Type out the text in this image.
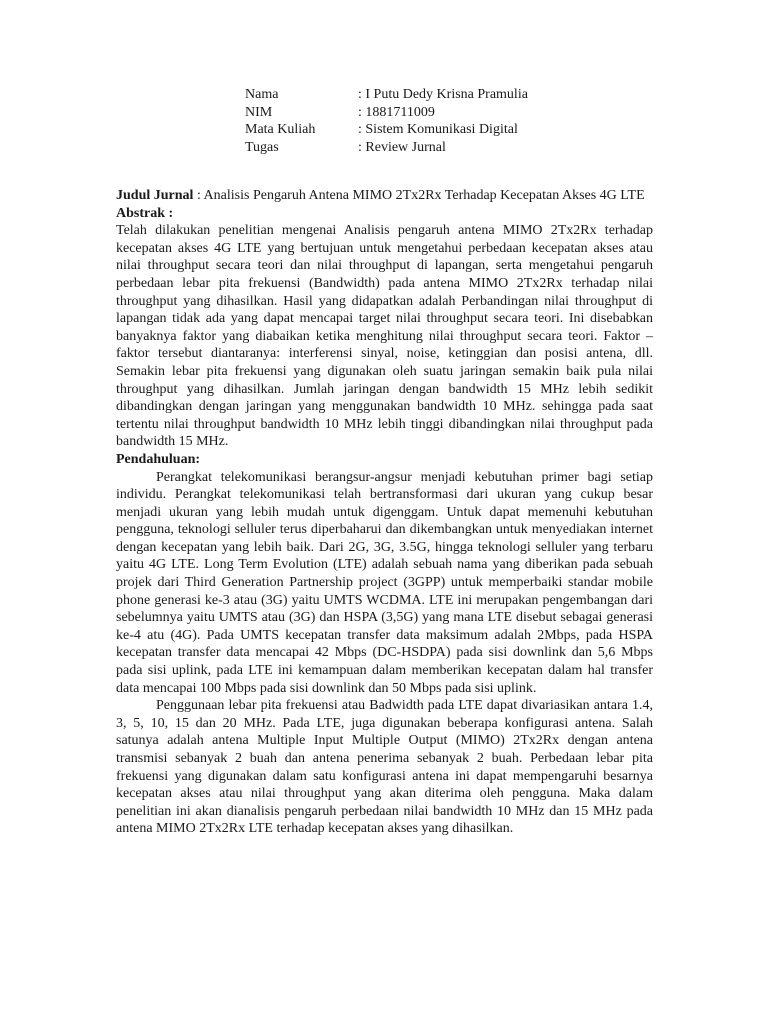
Nama	: I Putu Dedy Krisna Pramulia
NIM	: 1881711009
Mata Kuliah	: Sistem Komunikasi Digital
Tugas	: Review Jurnal

Judul Jurnal : Analisis Pengaruh Antena MIMO 2Tx2Rx Terhadap Kecepatan Akses 4G LTE

Abstrak :

Telah dilakukan penelitian mengenai Analisis pengaruh antena MIMO 2Tx2Rx terhadap kecepatan akses 4G LTE yang bertujuan untuk mengetahui perbedaan kecepatan akses atau nilai throughput secara teori dan nilai throughput di lapangan, serta mengetahui pengaruh perbedaan lebar pita frekuensi (Bandwidth) pada antena MIMO 2Tx2Rx terhadap nilai throughput yang dihasilkan. Hasil yang didapatkan adalah Perbandingan nilai throughput di lapangan tidak ada yang dapat mencapai target nilai throughput secara teori. Ini disebabkan banyaknya faktor yang diabaikan ketika menghitung nilai throughput secara teori. Faktor – faktor tersebut diantaranya: interferensi sinyal, noise, ketinggian dan posisi antena, dll. Semakin lebar pita frekuensi yang digunakan oleh suatu jaringan semakin baik pula nilai throughput yang dihasilkan. Jumlah jaringan dengan bandwidth 15 MHz lebih sedikit dibandingkan dengan jaringan yang menggunakan bandwidth 10 MHz. sehingga pada saat tertentu nilai throughput bandwidth 10 MHz lebih tinggi dibandingkan nilai throughput pada bandwidth 15 MHz.

Pendahuluan:

Perangkat telekomunikasi berangsur-angsur menjadi kebutuhan primer bagi setiap individu. Perangkat telekomunikasi telah bertransformasi dari ukuran yang cukup besar menjadi ukuran yang lebih mudah untuk digenggam. Untuk dapat memenuhi kebutuhan pengguna, teknologi selluler terus diperbaharui dan dikembangkan untuk menyediakan internet dengan kecepatan yang lebih baik. Dari 2G, 3G, 3.5G, hingga teknologi selluler yang terbaru yaitu 4G LTE. Long Term Evolution (LTE) adalah sebuah nama yang diberikan pada sebuah projek dari Third Generation Partnership project (3GPP) untuk memperbaiki standar mobile phone generasi ke-3 atau (3G) yaitu UMTS WCDMA. LTE ini merupakan pengembangan dari sebelumnya yaitu UMTS atau (3G) dan HSPA (3,5G) yang mana LTE disebut sebagai generasi ke-4 atu (4G). Pada UMTS kecepatan transfer data maksimum adalah 2Mbps, pada HSPA kecepatan transfer data mencapai 42 Mbps (DC-HSDPA) pada sisi downlink dan 5,6 Mbps pada sisi uplink, pada LTE ini kemampuan dalam memberikan kecepatan dalam hal transfer data mencapai 100 Mbps pada sisi downlink dan 50 Mbps pada sisi uplink.

Penggunaan lebar pita frekuensi atau Badwidth pada LTE dapat divariasikan antara 1.4, 3, 5, 10, 15 dan 20 MHz. Pada LTE, juga digunakan beberapa konfigurasi antena. Salah satunya adalah antena Multiple Input Multiple Output (MIMO) 2Tx2Rx dengan antena transmisi sebanyak 2 buah dan antena penerima sebanyak 2 buah. Perbedaan lebar pita frekuensi yang digunakan dalam satu konfigurasi antena ini dapat mempengaruhi besarnya kecepatan akses atau nilai throughput yang akan diterima oleh pengguna. Maka dalam penelitian ini akan dianalisis pengaruh perbedaan nilai bandwidth 10 MHz dan 15 MHz pada antena MIMO 2Tx2Rx LTE terhadap kecepatan akses yang dihasilkan.
